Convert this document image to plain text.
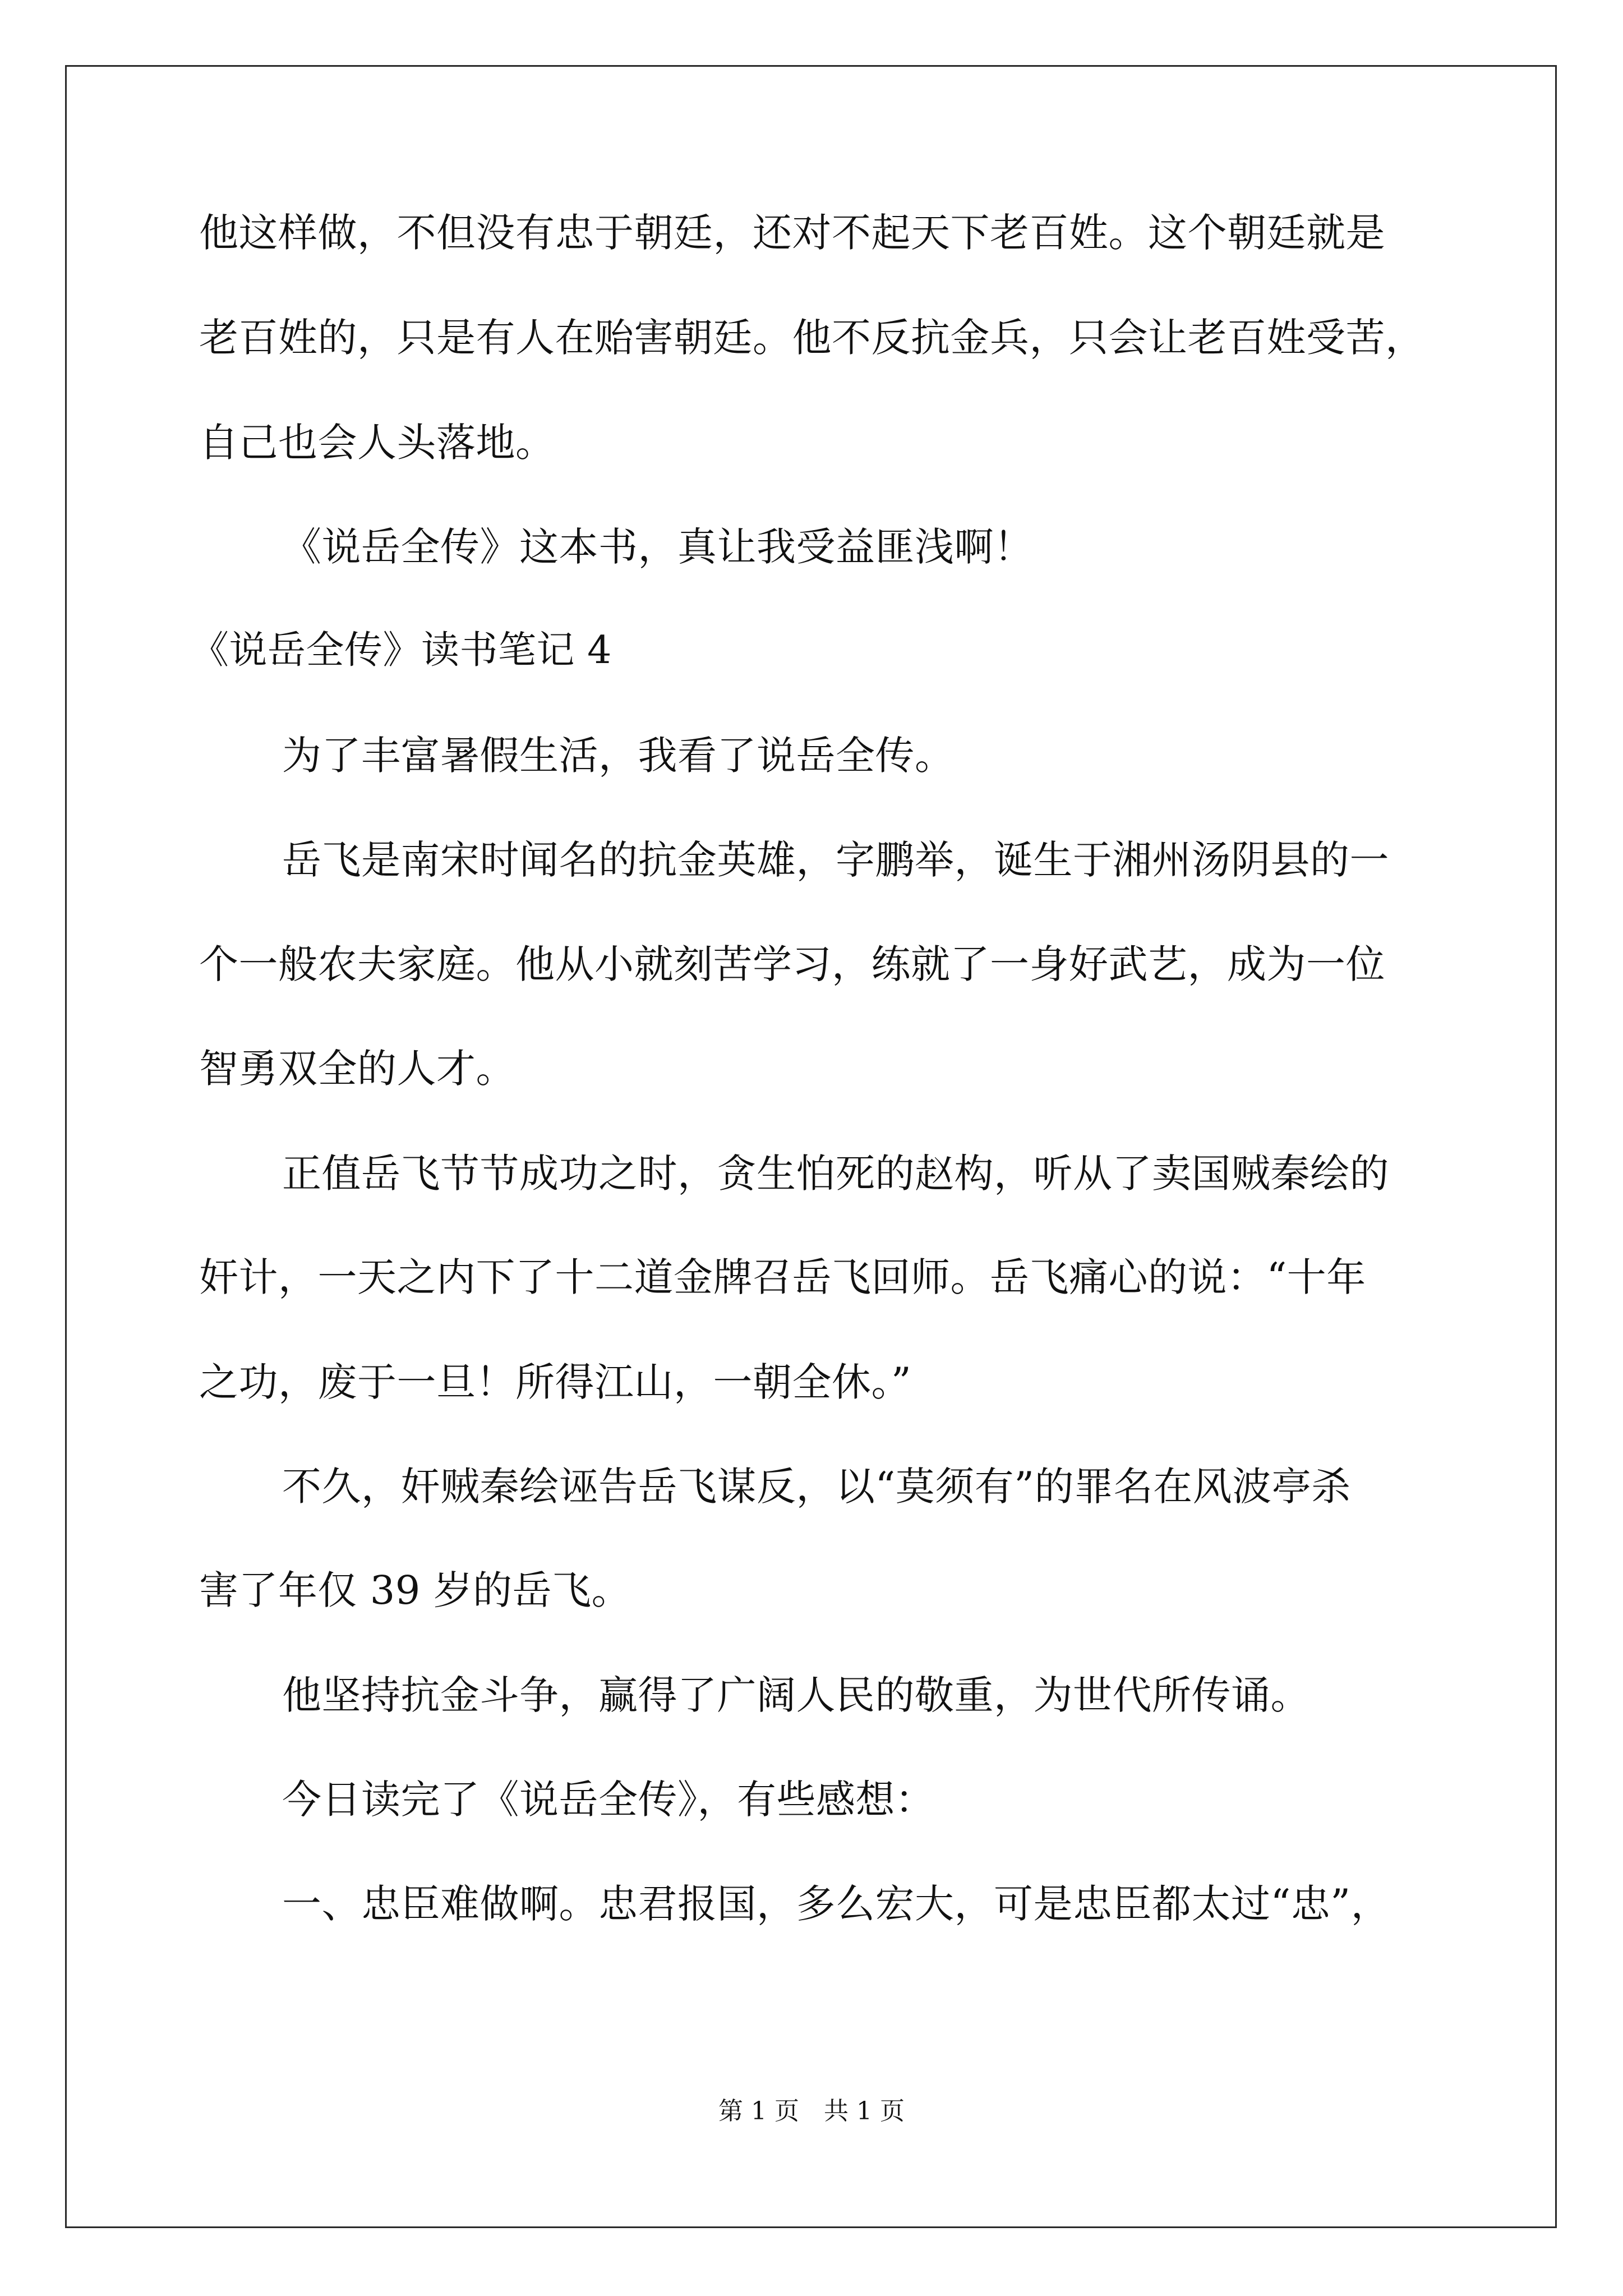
他这样做，不但没有忠于朝廷，还对不起天下老百姓。这个朝廷就是
老百姓的，只是有人在贻害朝廷。他不反抗金兵，只会让老百姓受苦，
自己也会人头落地。
《说岳全传》这本书，真让我受益匪浅啊！
《说岳全传》读书笔记 4
为了丰富暑假生活，我看了说岳全传。
岳飞是南宋时闻名的抗金英雄，字鹏举，诞生于湘州汤阴县的一
个一般农夫家庭。他从小就刻苦学习，练就了一身好武艺，成为一位
智勇双全的人才。
正值岳飞节节成功之时，贪生怕死的赵构，听从了卖国贼秦绘的
奸计，一天之内下了十二道金牌召岳飞回师。岳飞痛心的说：“十年
之功，废于一旦！所得江山，一朝全休。”
不久，奸贼秦绘诬告岳飞谋反，以“莫须有”的罪名在风波亭杀
害了年仅 39 岁的岳飞。
他坚持抗金斗争，赢得了广阔人民的敬重，为世代所传诵。
今日读完了《说岳全传》，有些感想：
一、忠臣难做啊。忠君报国，多么宏大，可是忠臣都太过“忠”，
第 1 页 共 1 页
